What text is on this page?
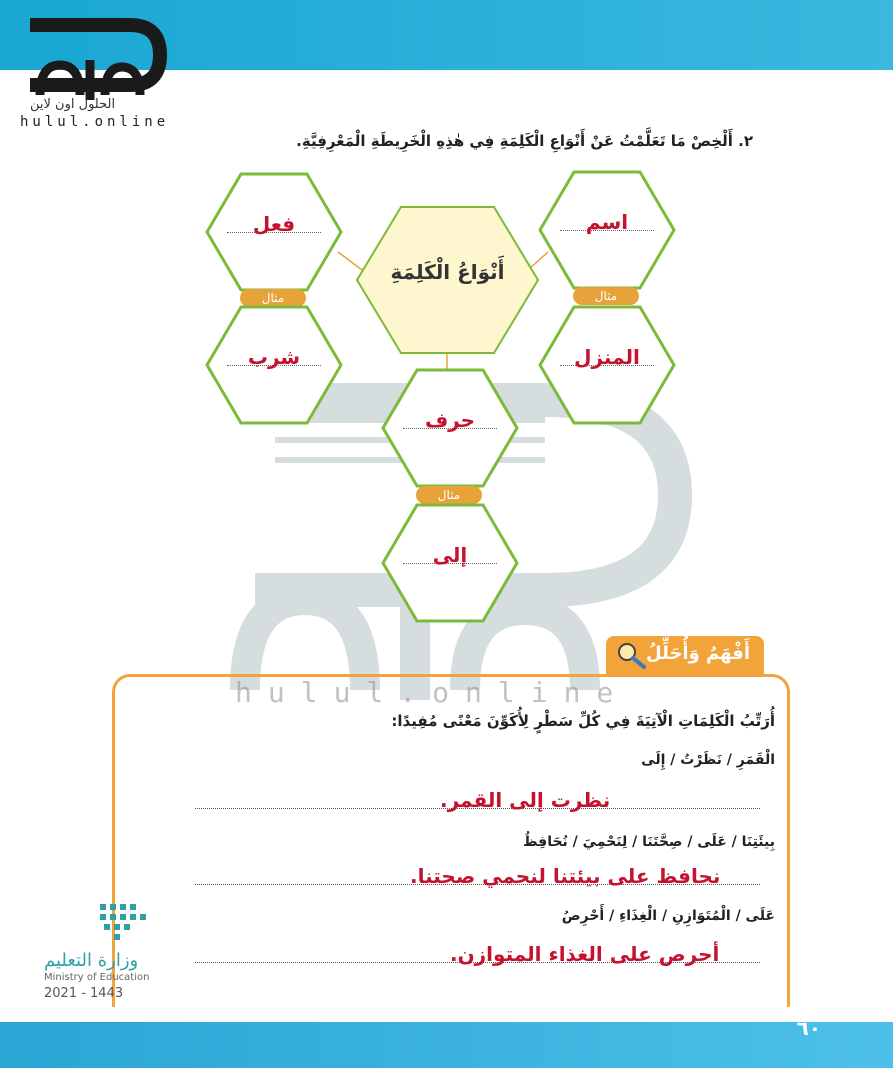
الحلول اون لاين
hulul.online
٢. أَلْخِصْ مَا تَعَلَّمْتُ عَنْ أَنْوَاعِ الْكَلِمَةِ فِي هٰذِهِ الْخَرِيطَةِ الْمَعْرِفِيَّةِ.
hulul.online
أَنْوَاعُ الْكَلِمَةِ
اسم
مثال
المنزل
فعل
مثال
شرب
حرف
مثال
إلى
أَفْهَمُ وَأُحَلِّلُ
أُرَتِّبُ الْكَلِمَاتِ الْآتِيَةَ فِي كُلِّ سَطْرٍ لِأُكَوِّنَ مَعْنًى مُفِيدًا:
الْقَمَرِ / نَظَرْتُ / إِلَى
نظرت إلى القمر.
بِيئَتِنَا / عَلَى / صِحَّتَنَا / لِنَحْمِيَ / نُحَافِظُ
نحافظ على بيئتنا لنحمي صحتنا.
عَلَى / الْمُتَوَازِنِ / الْغِذَاءِ / أَحْرِصُ
أحرص على الغذاء المتوازن.
وزارة التعليم
Ministry of Education
2021 - 1443
٦٠
